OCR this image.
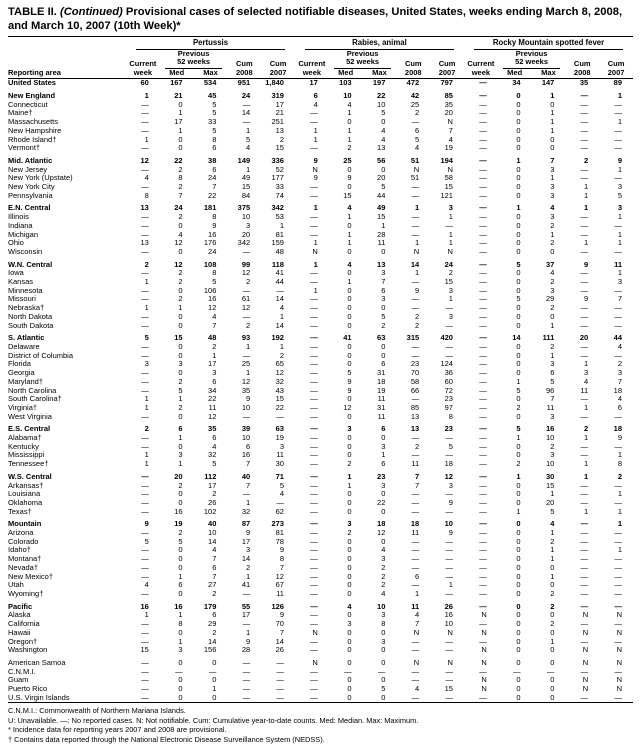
TABLE II. (Continued) Provisional cases of selected notifiable diseases, United States, weeks ending March 8, 2008, and March 10, 2007 (10th Week)*

	Pertussis					Rabies, animal					Rocky Mountain spotted fever				

		Previous					Previous					Previous			
	Current	52 weeks		Cum	Cum	Current	52 weeks		Cum	Cum	Current	52 weeks		Cum	Cum
Reporting area	week	Med	Max	2008	2007	week	Med	Max	2008	2007	week	Med	Max	2008	2007
United States	60	167	534	951	1,840	17	103	197	472	797	—	34	147	35	89
New England	1	21	45	24	319	6	10	22	42	85	—	0	1	—	1
Connecticut	—	0	5	—	17	4	4	10	25	35	—	0	0	—	—
Maine†	—	1	5	14	21	—	1	5	2	20	—	0	1	—	—
Massachusetts	—	17	33	—	251	—	0	0	—	N	—	0	1	—	1
New Hampshire	—	1	5	1	13	1	1	4	6	7	—	0	1	—	—
Rhode Island†	1	0	8	5	2	1	1	4	5	4	—	0	0	—	—
Vermont†	—	0	6	4	15	—	2	13	4	19	—	0	0	—	—
Mid. Atlantic	12	22	38	149	336	9	25	56	51	194	—	1	7	2	9
New Jersey	—	2	6	1	52	N	0	0	N	N	—	0	3	—	1
New York (Upstate)	4	8	24	49	177	9	9	20	51	58	—	0	1	—	—
New York City	—	2	7	15	33	—	0	5	—	15	—	0	3	1	3
Pennsylvania	8	7	22	84	74	—	15	44	—	121	—	0	3	1	5
E.N. Central	13	24	181	375	342	1	4	49	1	3	—	1	4	1	3
Illinois	—	2	8	10	53	—	1	15	—	1	—	0	3	—	1
Indiana	—	0	9	3	1	—	0	1	—	—	—	0	2	—	—
Michigan	—	4	16	20	81	—	1	28	—	1	—	0	1	—	1
Ohio	13	12	176	342	159	1	1	11	1	1	—	0	2	1	1
Wisconsin	—	0	24	—	48	N	0	0	N	N	—	0	0	—	—
W.N. Central	2	12	108	99	118	1	4	13	14	24	—	5	37	9	11
Iowa	—	2	8	12	41	—	0	3	1	2	—	0	4	—	1
Kansas	1	2	5	2	44	—	1	7	—	15	—	0	2	—	3
Minnesota	—	0	106	—	—	1	0	6	9	3	—	0	3	—	—
Missouri	—	2	16	61	14	—	0	3	—	1	—	5	29	9	7
Nebraska†	1	1	12	12	4	—	0	0	—	—	—	0	2	—	—
North Dakota	—	0	4	—	1	—	0	5	2	3	—	0	0	—	—
South Dakota	—	0	7	2	14	—	0	2	2	—	—	0	1	—	—
S. Atlantic	5	15	48	93	192	—	41	63	315	420	—	14	111	20	44
Delaware	—	0	2	1	1	—	0	0	—	—	—	0	2	—	4
District of Columbia	—	0	1	—	2	—	0	0	—	—	—	0	1	—	—
Florida	3	3	17	25	65	—	0	6	23	124	—	0	3	1	2
Georgia	—	0	3	1	12	—	5	31	70	36	—	0	6	3	3
Maryland†	—	2	6	12	32	—	9	18	58	60	—	1	5	4	7
North Carolina	—	5	34	35	43	—	9	19	66	72	—	5	96	11	18
South Carolina†	1	1	22	9	15	—	0	11	—	23	—	0	7	—	4
Virginia†	1	2	11	10	22	—	12	31	85	97	—	2	11	1	6
West Virginia	—	0	12	—	—	—	0	11	13	8	—	0	3	—	—
E.S. Central	2	6	35	39	63	—	3	6	13	23	—	5	16	2	18
Alabama†	—	1	6	10	19	—	0	0	—	—	—	1	10	1	9
Kentucky	—	0	4	6	3	—	0	3	2	5	—	0	2	—	—
Mississippi	1	3	32	16	11	—	0	1	—	—	—	0	3	—	1
Tennessee†	1	1	5	7	30	—	2	6	11	18	—	2	10	1	8
W.S. Central	—	20	112	40	71	—	1	23	7	12	—	1	30	1	2
Arkansas†	—	2	17	7	5	—	1	3	7	3	—	0	15	—	—
Louisiana	—	0	2	—	4	—	0	0	—	—	—	0	1	—	1
Oklahoma	—	0	26	1	—	—	0	22	—	9	—	0	20	—	—
Texas†	—	16	102	32	62	—	0	0	—	—	—	1	5	1	1
Mountain	9	19	40	87	273	—	3	18	18	10	—	0	4	—	1
Arizona	—	2	10	9	81	—	2	12	11	9	—	0	1	—	—
Colorado	5	5	14	17	78	—	0	0	—	—	—	0	2	—	—
Idaho†	—	0	4	3	9	—	0	4	—	—	—	0	1	—	1
Montana†	—	0	7	14	8	—	0	3	—	—	—	0	1	—	—
Nevada†	—	0	6	2	7	—	0	2	—	—	—	0	0	—	—
New Mexico†	—	1	7	1	12	—	0	2	6	—	—	0	1	—	—
Utah	4	6	27	41	67	—	0	2	—	1	—	0	0	—	—
Wyoming†	—	0	2	—	11	—	0	4	1	—	—	0	2	—	—
Pacific	16	16	179	55	126	—	4	10	11	26	—	0	2	—	—
Alaska	1	1	6	17	9	—	0	3	4	16	N	0	0	N	N
California	—	8	29	—	70	—	3	8	7	10	—	0	2	—	—
Hawaii	—	0	2	1	7	N	0	0	N	N	N	0	0	N	N
Oregon†	—	1	14	9	14	—	0	3	—	—	—	0	1	—	—
Washington	15	3	156	28	26	—	0	0	—	—	N	0	0	N	N
American Samoa	—	0	0	—	—	N	0	0	N	N	N	0	0	N	N
C.N.M.I.	—	—	—	—	—	—	—	—	—	—	—	—	—	—	—
Guam	—	0	0	—	—	—	0	0	—	—	N	0	0	N	N
Puerto Rico	—	0	1	—	—	—	0	5	4	15	N	0	0	N	N
U.S. Virgin Islands	—	0	0	—	—	—	0	0	—	—	—	0	0	—	—
C.N.M.I.: Commonwealth of Northern Mariana Islands.
U: Unavailable. —: No reported cases. N: Not notifiable. Cum: Cumulative year-to-date counts. Med: Median. Max: Maximum.
* Incidence data for reporting years 2007 and 2008 are provisional.
† Contains data reported through the National Electronic Disease Surveillance System (NEDSS).
